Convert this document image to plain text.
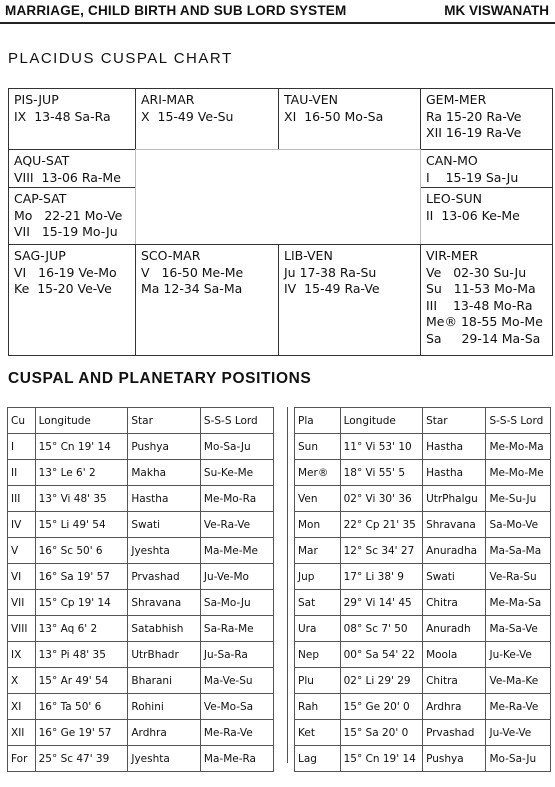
MARRIAGE, CHILD BIRTH AND SUB LORD SYSTEM	MK VISWANATH
PLACIDUS CUSPAL CHART
PIS-JUP
IX  13-48 Sa-Ra
ARI-MAR
X  15-49 Ve-Su
TAU-VEN
XI  16-50 Mo-Sa
GEM-MER
Ra 15-20 Ra-Ve
XII 16-19 Ra-Ve
AQU-SAT
VIII  13-06 Ra-Me
CAN-MO
I    15-19 Sa-Ju
CAP-SAT
Mo   22-21 Mo-Ve
VII   15-19 Mo-Ju
LEO-SUN
II  13-06 Ke-Me
SAG-JUP
VI   16-19 Ve-Mo
Ke  15-20 Ve-Ve
SCO-MAR
V   16-50 Me-Me
Ma 12-34 Sa-Ma
LIB-VEN
Ju 17-38 Ra-Su
IV  15-49 Ra-Ve
VIR-MER
Ve   02-30 Su-Ju
Su   11-53 Mo-Ma
III    13-48 Mo-Ra
Me® 18-55 Mo-Me
Sa     29-14 Ma-Sa
CUSPAL AND PLANETARY POSITIONS
Cu	Longitude	Star	S-S-S Lord
I	15° Cn 19' 14	Pushya	Mo-Sa-Ju
II	13° Le 6' 2	Makha	Su-Ke-Me
III	13° Vi 48' 35	Hastha	Me-Mo-Ra
IV	15° Li 49' 54	Swati	Ve-Ra-Ve
V	16° Sc 50' 6	Jyeshta	Ma-Me-Me
VI	16° Sa 19' 57	Prvashad	Ju-Ve-Mo
VII	15° Cp 19' 14	Shravana	Sa-Mo-Ju
VIII	13° Aq 6' 2	Satabhish	Sa-Ra-Me
IX	13° Pi 48' 35	UtrBhadr	Ju-Sa-Ra
X	15° Ar 49' 54	Bharani	Ma-Ve-Su
XI	16° Ta 50' 6	Rohini	Ve-Mo-Sa
XII	16° Ge 19' 57	Ardhra	Me-Ra-Ve
For	25° Sc 47' 39	Jyeshta	Ma-Me-Ra
Pla	Longitude	Star	S-S-S Lord
Sun	11° Vi 53' 10	Hastha	Me-Mo-Ma
Mer®	18° Vi 55' 5	Hastha	Me-Mo-Me
Ven	02° Vi 30' 36	UtrPhalgu	Me-Su-Ju
Mon	22° Cp 21' 35	Shravana	Sa-Mo-Ve
Mar	12° Sc 34' 27	Anuradha	Ma-Sa-Ma
Jup	17° Li 38' 9	Swati	Ve-Ra-Su
Sat	29° Vi 14' 45	Chitra	Me-Ma-Sa
Ura	08° Sc 7' 50	Anuradh	Ma-Sa-Ve
Nep	00° Sa 54' 22	Moola	Ju-Ke-Ve
Plu	02° Li 29' 29	Chitra	Ve-Ma-Ke
Rah	15° Ge 20' 0	Ardhra	Me-Ra-Ve
Ket	15° Sa 20' 0	Prvashad	Ju-Ve-Ve
Lag	15° Cn 19' 14	Pushya	Mo-Sa-Ju
